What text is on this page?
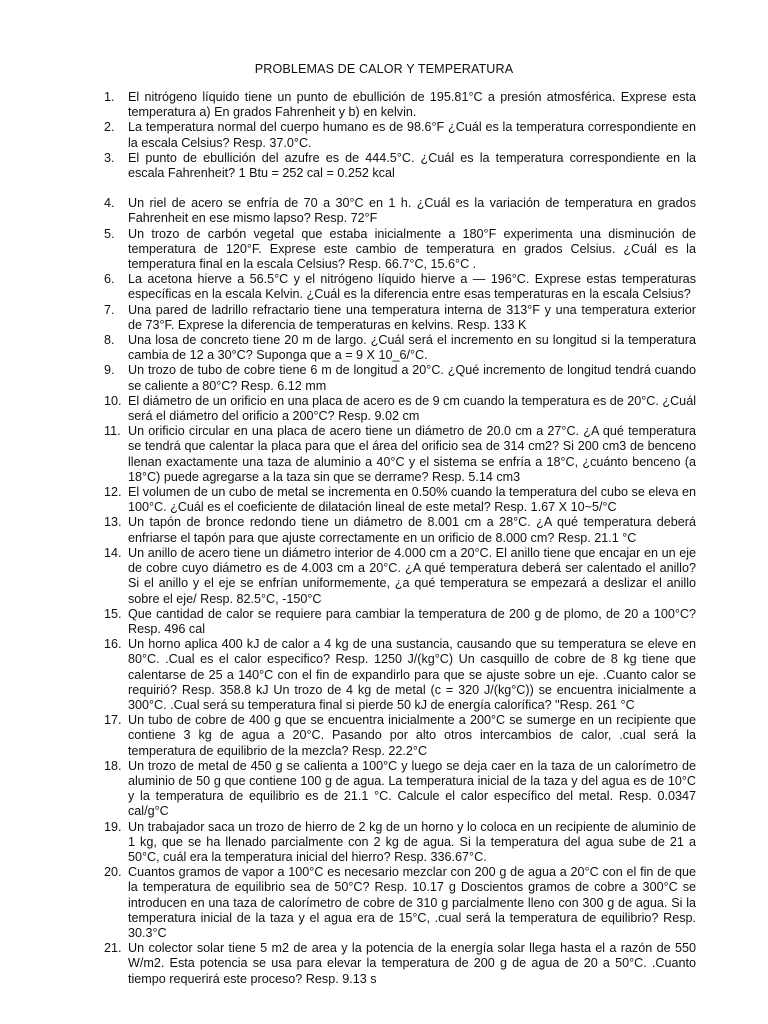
PROBLEMAS DE CALOR Y TEMPERATURA
1.	El nitrógeno líquido tiene un punto de ebullición de 195.81°C a presión atmosférica. Exprese esta temperatura a) En grados Fahrenheit y b) en kelvin.
2.	La temperatura normal del cuerpo humano es de 98.6°F ¿Cuál es la temperatura correspondiente en la escala Celsius? Resp. 37.0°C.
3.	El punto de ebullición del azufre es de 444.5°C. ¿Cuál es la temperatura correspondiente en la escala Fahrenheit? 1 Btu = 252 cal = 0.252 kcal
4.	Un riel de acero se enfría de 70 a 30°C en 1 h. ¿Cuál es la variación de temperatura en grados Fahrenheit en ese mismo lapso? Resp. 72°F
5.	Un trozo de carbón vegetal que estaba inicialmente a 180°F experimenta una disminución de temperatura de 120°F. Exprese este cambio de temperatura en grados Celsius. ¿Cuál es la temperatura final en la escala Celsius? Resp. 66.7°C, 15.6°C .
6.	La acetona hierve a 56.5°C y el nitrógeno líquido hierve a — 196°C. Exprese estas temperaturas específicas en la escala Kelvin. ¿Cuál es la diferencia entre esas temperaturas en la escala Celsius?
7.	Una pared de ladrillo refractario tiene una temperatura interna de 313°F y una temperatura exterior de 73°F. Exprese la diferencia de temperaturas en kelvins. Resp. 133 K
8.	Una losa de concreto tiene 20 m de largo. ¿Cuál será el incremento en su longitud si la temperatura cambia de 12 a 30°C? Suponga que a = 9 X 10_6/°C.
9.	Un trozo de tubo de cobre tiene 6 m de longitud a 20°C. ¿Qué incremento de longitud tendrá cuando se caliente a 80°C? Resp. 6.12 mm
10. El diámetro de un orificio en una placa de acero es de 9 cm cuando la temperatura es de 20°C. ¿Cuál será el diámetro del orificio a 200°C? Resp. 9.02 cm
11. Un orificio circular en una placa de acero tiene un diámetro de 20.0 cm a 27°C. ¿A qué temperatura se tendrá que calentar la placa para que el área del orificio sea de 314 cm2? Si 200 cm3 de benceno llenan exactamente una taza de aluminio a 40°C y el sistema se enfría a 18°C, ¿cuánto benceno (a 18°C) puede agregarse a la taza sin que se derrame? Resp. 5.14 cm3
12. El volumen de un cubo de metal se incrementa en 0.50% cuando la temperatura del cubo se eleva en 100°C. ¿Cuál es el coeficiente de dilatación lineal de este metal? Resp. 1.67 X 10~5/°C
13. Un tapón de bronce redondo tiene un diámetro de 8.001 cm a 28°C. ¿A qué temperatura deberá enfriarse el tapón para que ajuste correctamente en un orificio de 8.000 cm? Resp. 21.1 °C
14. Un anillo de acero tiene un diámetro interior de 4.000 cm a 20°C. El anillo tiene que encajar en un eje de cobre cuyo diámetro es de 4.003 cm a 20°C. ¿A qué temperatura deberá ser calentado el anillo? Si el anillo y el eje se enfrían uniformemente, ¿a qué temperatura se empezará a deslizar el anillo sobre el eje/ Resp. 82.5°C, -150°C
15. Que cantidad de calor se requiere para cambiar la temperatura de 200 g de plomo, de 20 a 100°C? Resp. 496 cal
16. Un horno aplica 400 kJ de calor a 4 kg de una sustancia, causando que su temperatura se eleve en 80°C. .Cual es el calor especifico? Resp. 1250 J/(kg°C) Un casquillo de cobre de 8 kg tiene que calentarse de 25 a 140°C con el fin de expandirlo para que se ajuste sobre un eje. .Cuanto calor se requirió? Resp. 358.8 kJ Un trozo de 4 kg de metal (c = 320 J/(kg°C)) se encuentra inicialmente a 300°C. .Cual será su temperatura final si pierde 50 kJ de energía calorífica? "Resp. 261 °C
17. Un tubo de cobre de 400 g que se encuentra inicialmente a 200°C se sumerge en un recipiente que contiene 3 kg de agua a 20°C. Pasando por alto otros intercambios de calor, .cual será la temperatura de equilibrio de la mezcla? Resp. 22.2°C
18. Un trozo de metal de 450 g se calienta a 100°C y luego se deja caer en la taza de un calorímetro de aluminio de 50 g que contiene 100 g de agua. La temperatura inicial de la taza y del agua es de 10°C y la temperatura de equilibrio es de 21.1 °C. Calcule el calor específico del metal. Resp. 0.0347 cal/g°C
19. Un trabajador saca un trozo de hierro de 2 kg de un horno y lo coloca en un recipiente de aluminio de 1 kg, que se ha llenado parcialmente con 2 kg de agua. Si la temperatura del agua sube de 21 a 50°C, cuál era la temperatura inicial del hierro? Resp. 336.67°C.
20. Cuantos gramos de vapor a 100°C es necesario mezclar con 200 g de agua a 20°C con el fin de que la temperatura de equilibrio sea de 50°C? Resp. 10.17 g Doscientos gramos de cobre a 300°C se introducen en una taza de calorímetro de cobre de 310 g parcialmente lleno con 300 g de agua. Si la temperatura inicial de la taza y el agua era de 15°C, .cual será la temperatura de equilibrio? Resp. 30.3°C
21. Un colector solar tiene 5 m2 de area y la potencia de la energía solar llega hasta el a razón de 550 W/m2. Esta potencia se usa para elevar la temperatura de 200 g de agua de 20 a 50°C. .Cuanto tiempo requerirá este proceso? Resp. 9.13 s
